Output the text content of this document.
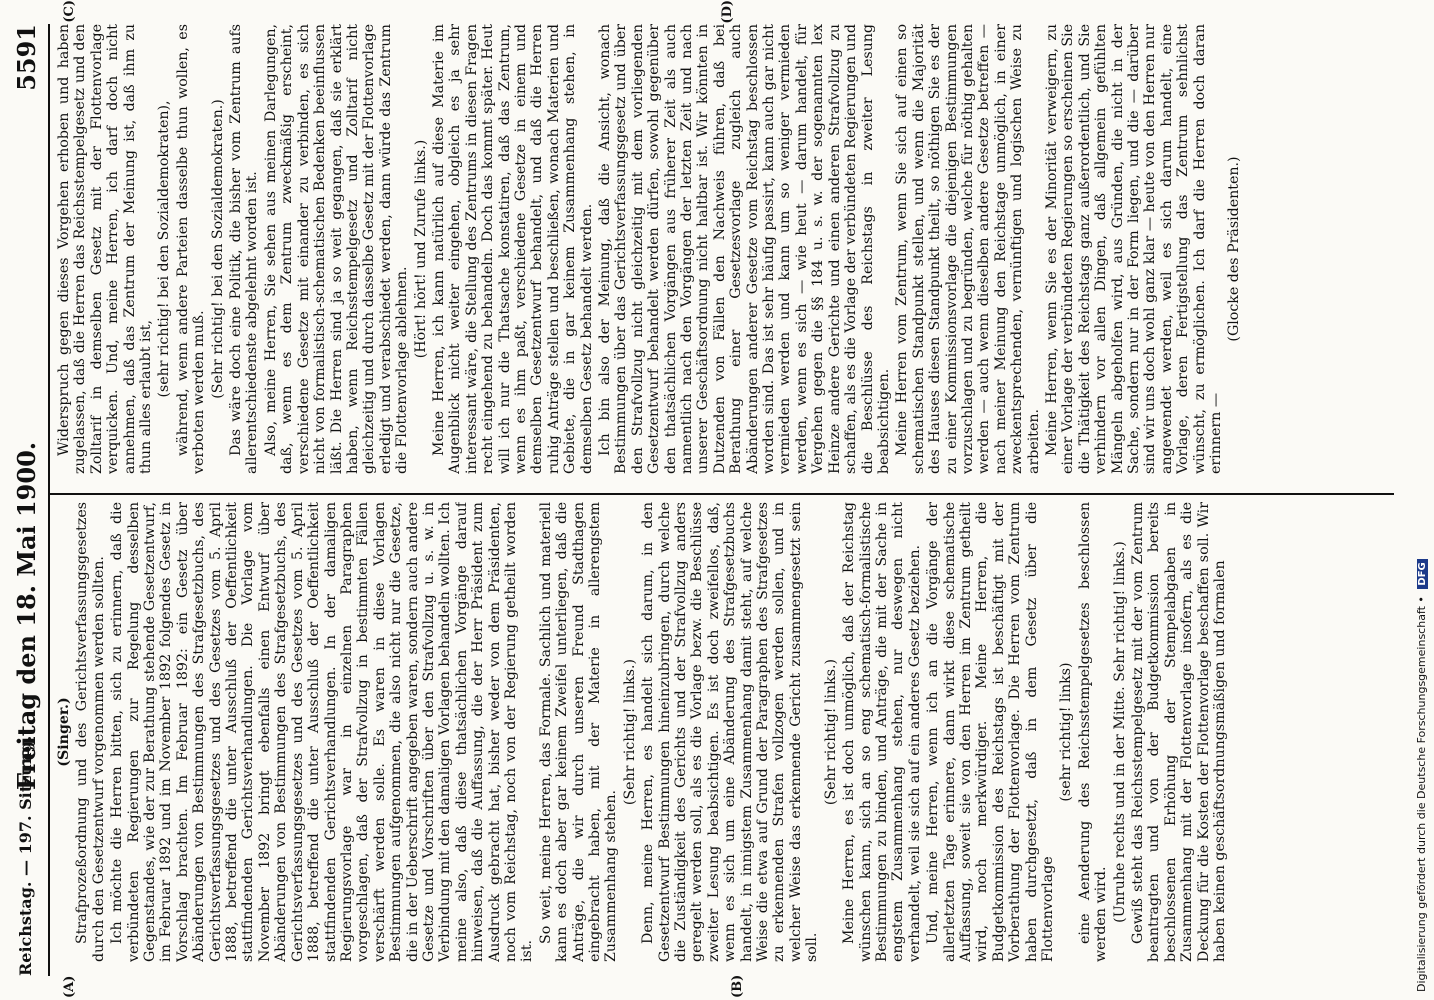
Reichstag. — 197. Sitzung.
Freitag den 18. Mai 1900.
5591
(A)	(B)
(C)	(D)
(Singer.) Strafprozeßordnung und des Gerichtsverfassungsgesetzes durch den Gesetzentwurf vorgenommen werden sollten. Ich möchte die Herren bitten, sich zu erinnern, daß die verbündeten Regierungen zur Regelung desselben Gegenstandes, wie der zur Berathung stehende Gesetzentwurf, im Februar 1892 und im November 1892 folgendes Gesetz in Vorschlag brachten. Im Februar 1892: ein Gesetz über Abänderungen von Bestimmungen des Strafgesetzbuchs, des Gerichtsverfassungsgesetzes und des Gesetzes vom 5. April 1888, betreffend die unter Ausschluß der Oeffentlichkeit stattfindenden Gerichtsverhandlungen. Die Vorlage vom November 1892 bringt ebenfalls einen Entwurf über Abänderungen von Bestimmungen des Strafgesetzbuchs, des Gerichtsverfassungsgesetzes und des Gesetzes vom 5. April 1888, betreffend die unter Ausschluß der Oeffentlichkeit stattfindenden Gerichtsverhandlungen. In der damaligen Regierungsvorlage war in einzelnen Paragraphen vorgeschlagen, daß der Strafvollzug in bestimmten Fällen verschärft werden solle. Es waren in diese Vorlagen Bestimmungen aufgenommen, die also nicht nur die Gesetze, die in der Ueberschrift angegeben waren, sondern auch andere Gesetze und Vorschriften über den Strafvollzug u. s. w. in Verbindung mit den damaligen Vorlagen behandeln wollten. Ich meine also, daß diese thatsächlichen Vorgänge darauf hinweisen, daß die Auffassung, die der Herr Präsident zum Ausdruck gebracht hat, bisher weder von dem Präsidenten, noch vom Reichstag, noch von der Regierung getheilt worden ist.

So weit, meine Herren, das Formale. Sachlich und materiell kann es doch aber gar keinem Zweifel unterliegen, daß die Anträge, die wir durch unseren Freund Stadthagen eingebracht haben, mit der Materie in allerengstem Zusammenhang stehen.

(Sehr richtig! links.) Denn, meine Herren, es handelt sich darum, in den Gesetzentwurf Bestimmungen hineinzubringen, durch welche die Zuständigkeit des Gerichts und der Strafvollzug anders geregelt werden soll, als es die Vorlage bezw. die Beschlüsse zweiter Lesung beabsichtigen. Es ist doch zweifellos, daß, wenn es sich um eine Abänderung des Strafgesetzbuchs handelt, in innigstem Zusammenhang damit steht, auf welche Weise die etwa auf Grund der Paragraphen des Strafgesetzes zu erkennenden Strafen vollzogen werden sollen, und in welcher Weise das erkennende Gericht zusammengesetzt sein soll.

(Sehr richtig! links.) Meine Herren, es ist doch unmöglich, daß der Reichstag wünschen kann, sich an so eng schematisch-formalistische Bestimmungen zu binden, und Anträge, die mit der Sache in engstem Zusammenhang stehen, nur deswegen nicht verhandelt, weil sie sich auf ein anderes Gesetz beziehen. Und, meine Herren, wenn ich an die Vorgänge der allerletzten Tage erinnere, dann wirkt diese schematische Auffassung, soweit sie von den Herren im Zentrum getheilt wird, noch merkwürdiger. Meine Herren, die Budgetkommission des Reichstags ist beschäftigt mit der Vorberathung der Flottenvorlage. Die Herren vom Zentrum haben durchgesetzt, daß in dem Gesetz über die Flottenvorlage

(sehr richtig! links) eine Aenderung des Reichsstempelgesetzes beschlossen werden wird. (Unruhe rechts und in der Mitte. Sehr richtig! links.) Gewiß steht das Reichsstempelgesetz mit der vom Zentrum beantragten und von der Budgetkommission bereits beschlossenen Erhöhung der Stempelabgaben in Zusammenhang mit der Flottenvorlage insofern, als es die Deckung für die Kosten der Flottenvorlage beschaffen soll. Wir haben keinen geschäftsordnungsmäßigen und formalen

Widerspruch gegen dieses Vorgehen erhoben und haben zugelassen, daß die Herren das Reichsstempelgesetz und den Zolltarif in demselben Gesetz mit der Flottenvorlage verquicken. Und, meine Herren, ich darf doch nicht annehmen, daß das Zentrum der Meinung ist, daß ihm zu thun alles erlaubt ist, (sehr richtig! bei den Sozialdemokraten), während, wenn andere Parteien dasselbe thun wollen, es verboten werden muß. (Sehr richtig! bei den Sozialdemokraten.) Das wäre doch eine Politik, die bisher vom Zentrum aufs allerentschiedenste abgelehnt worden ist. Also, meine Herren, Sie sehen aus meinen Darlegungen, daß, wenn es dem Zentrum zweckmäßig erscheint, verschiedene Gesetze mit einander zu verbinden, es sich nicht von formalistisch-schematischen Bedenken beeinflussen läßt. Die Herren sind ja so weit gegangen, daß sie erklärt haben, wenn Reichsstempelgesetz und Zolltarif nicht gleichzeitig und durch dasselbe Gesetz mit der Flottenvorlage erledigt und verabschiedet werden, dann würde das Zentrum die Flottenvorlage ablehnen.

(Hört! hört! und Zurufe links.) Meine Herren, ich kann natürlich auf diese Materie im Augenblick nicht weiter eingehen, obgleich es ja sehr interessant wäre, die Stellung des Zentrums in diesen Fragen recht eingehend zu behandeln. Doch das kommt später. Heut will ich nur die Thatsache konstatiren, daß das Zentrum, wenn es ihm paßt, verschiedene Gesetze in einem und demselben Gesetzentwurf behandelt, und daß die Herren ruhig Anträge stellen und beschließen, wonach Materien und Gebiete, die in gar keinem Zusammenhang stehen, in demselben Gesetz behandelt werden. Ich bin also der Meinung, daß die Ansicht, wonach Bestimmungen über das Gerichtsverfassungsgesetz und über den Strafvollzug nicht gleichzeitig mit dem vorliegenden Gesetzentwurf behandelt werden dürfen, sowohl gegenüber den thatsächlichen Vorgängen aus früherer Zeit als auch namentlich nach den Vorgängen der letzten Zeit und nach unserer Geschäftsordnung nicht haltbar ist. Wir könnten in Dutzenden von Fällen den Nachweis führen, daß bei Berathung einer Gesetzesvorlage zugleich auch Abänderungen anderer Gesetze vom Reichstag beschlossen worden sind. Das ist sehr häufig passirt, kann auch gar nicht vermieden werden und kann um so weniger vermieden werden, wenn es sich — wie heut — darum handelt, für Vergehen gegen die §§ 184 u. s. w. der sogenannten lex Heinze andere Gerichte und einen anderen Strafvollzug zu schaffen, als es die Vorlage der verbündeten Regierungen und die Beschlüsse des Reichstags in zweiter Lesung beabsichtigen. Meine Herren vom Zentrum, wenn Sie sich auf einen so schematischen Standpunkt stellen, und wenn die Majorität des Hauses diesen Standpunkt theilt, so nöthigen Sie es der zu einer Kommissionsvorlage die diejenigen Bestimmungen vorzuschlagen und zu begründen, welche für nöthig gehalten werden — auch wenn dieselben andere Gesetze betreffen — nach meiner Meinung den Reichstage unmöglich, in einer zweckentsprechenden, vernünftigen und logischen Weise zu arbeiten. Meine Herren, wenn Sie es der Minorität verweigern, zu einer Vorlage der verbündeten Regierungen so erscheinen Sie die Thätigkeit des Reichstags ganz außerordentlich, und Sie verhindern vor allen Dingen, daß allgemein gefühlten Mängeln abgeholfen wird, aus Gründen, die nicht in der Sache, sondern nur in der Form liegen, und die — darüber sind wir uns doch wohl ganz klar — heute von den Herren nur angewendet werden, weil es sich darum handelt, eine Vorlage, deren Fertigstellung das Zentrum sehnlichst wünscht, zu ermöglichen. Ich darf die Herren doch daran erinnern —

(Glocke des Präsidenten.)

Digitalisierung gefördert durch die Deutsche Forschungsgemeinschaft • DFG
